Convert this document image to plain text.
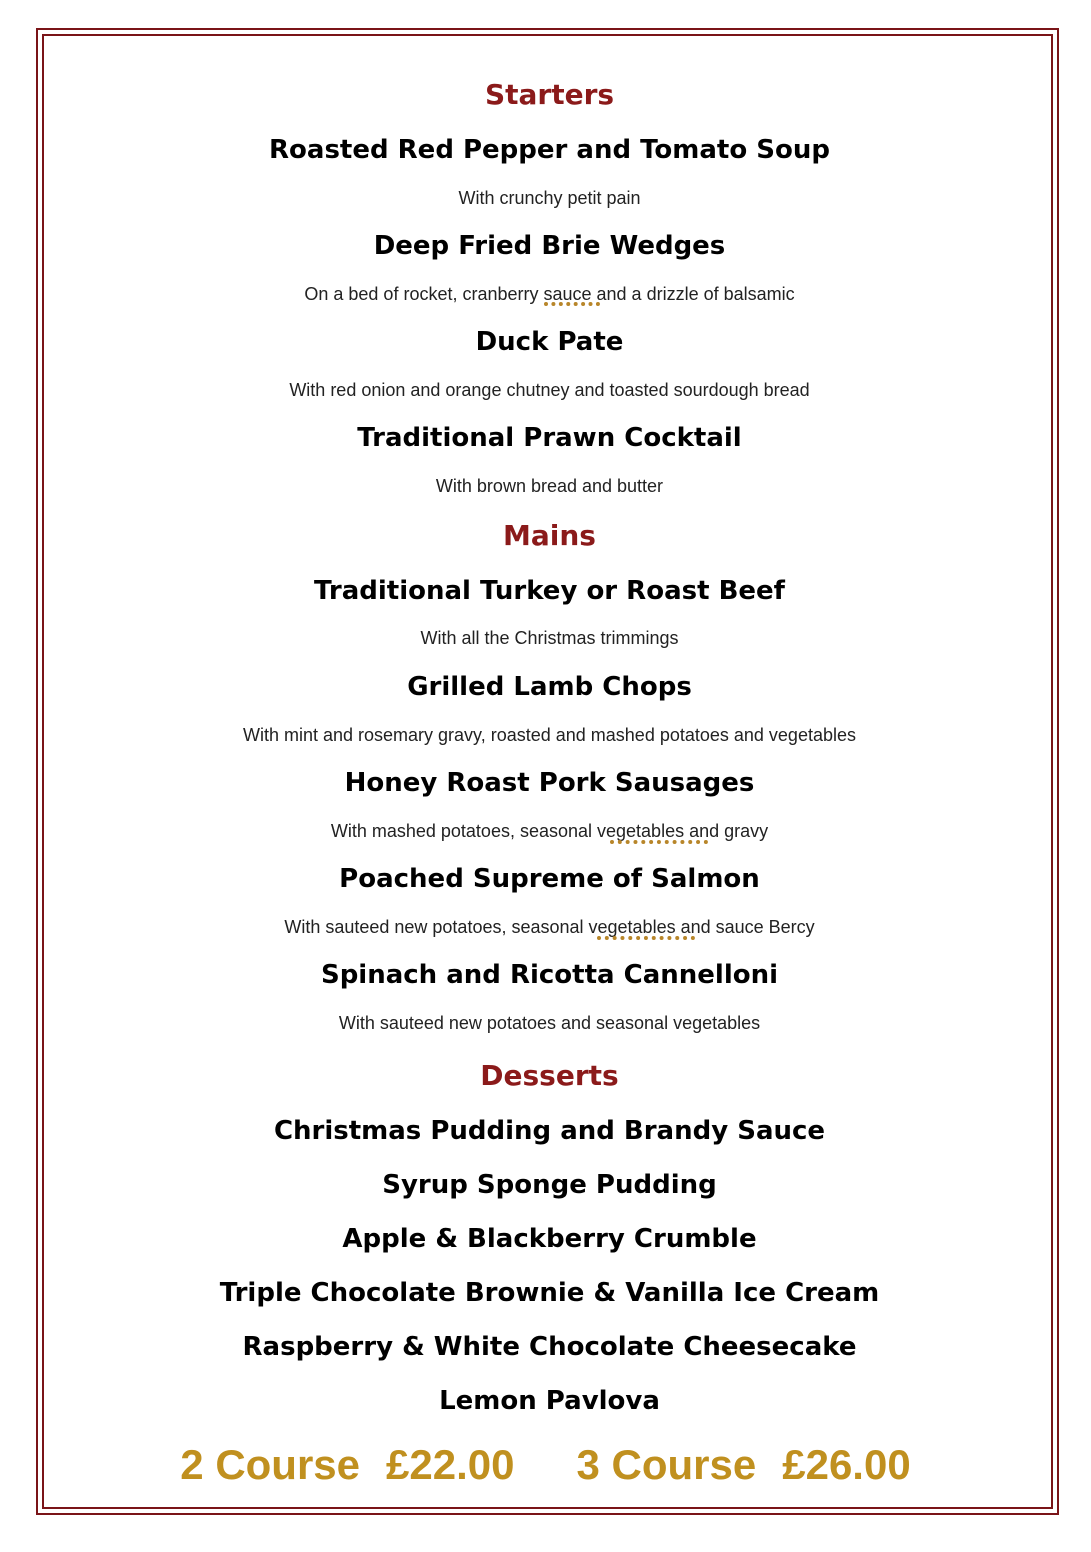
Starters
Roasted Red Pepper and Tomato Soup
With crunchy petit pain
Deep Fried Brie Wedges
On a bed of rocket, cranberry sauce and a drizzle of balsamic
Duck Pate
With red onion and orange chutney and toasted sourdough bread
Traditional Prawn Cocktail
With brown bread and butter
Mains
Traditional Turkey or Roast Beef
With all the Christmas trimmings
Grilled Lamb Chops
With mint and rosemary gravy, roasted and mashed potatoes and vegetables
Honey Roast Pork Sausages
With mashed potatoes, seasonal vegetables and gravy
Poached Supreme of Salmon
With sauteed new potatoes, seasonal vegetables and sauce Bercy
Spinach and Ricotta Cannelloni
With sauteed new potatoes and seasonal vegetables
Desserts
Christmas Pudding and Brandy Sauce
Syrup Sponge Pudding
Apple & Blackberry Crumble
Triple Chocolate Brownie & Vanilla Ice Cream
Raspberry & White Chocolate Cheesecake
Lemon Pavlova
2 Course £22.00 3 Course £26.00
